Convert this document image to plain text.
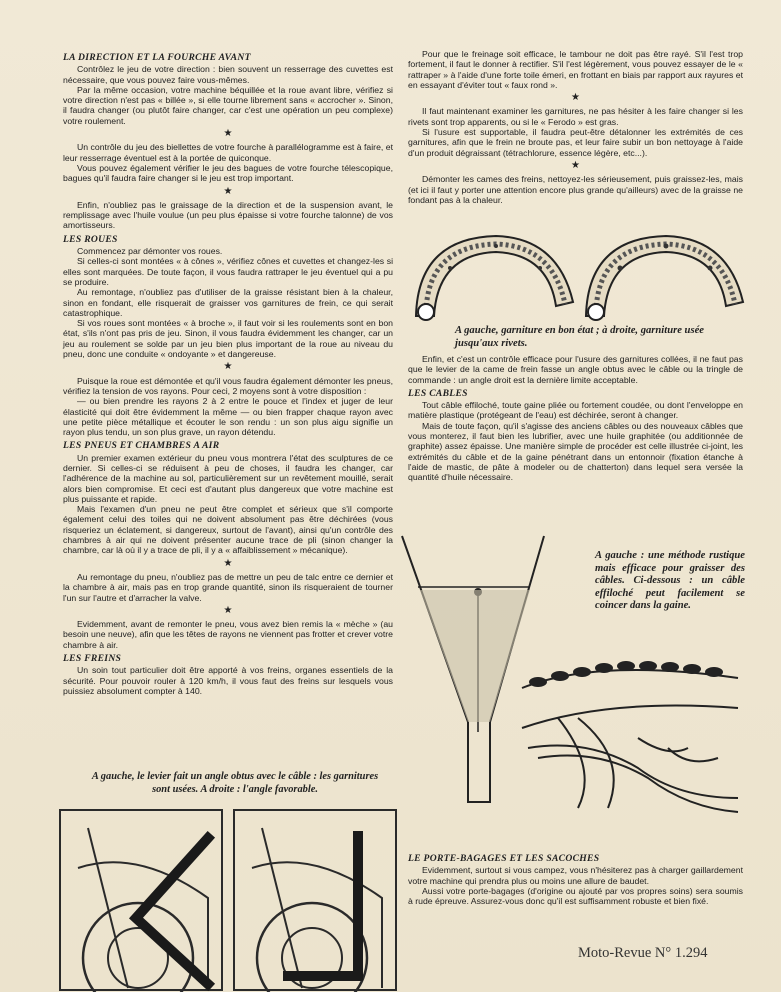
LA DIRECTION ET LA FOURCHE AVANT

Contrôlez le jeu de votre direction : bien souvent un resserrage des cuvettes est nécessaire, que vous pouvez faire vous-mêmes.

Par la même occasion, votre machine béquillée et la roue avant libre, vérifiez si votre direction n'est pas « billée », si elle tourne librement sans « accrocher ». Sinon, il faudra changer (ou plutôt faire changer, car c'est une opération un peu complexe) votre roulement.

★

Un contrôle du jeu des biellettes de votre fourche à parallélogramme est à faire, et leur resserrage éventuel est à la portée de quiconque.

Vous pouvez également vérifier le jeu des bagues de votre fourche télescopique, bagues qu'il faudra faire changer si le jeu est trop important.

★

Enfin, n'oubliez pas le graissage de la direction et de la suspension avant, le remplissage avec l'huile voulue (un peu plus épaisse si votre fourche talonne) de vos amortisseurs.

LES ROUES

Commencez par démonter vos roues.

Si celles-ci sont montées « à cônes », vérifiez cônes et cuvettes et changez-les si elles sont marquées. De toute façon, il vous faudra rattraper le jeu éventuel qui a pu se produire.

Au remontage, n'oubliez pas d'utiliser de la graisse résistant bien à la chaleur, sinon en fondant, elle risquerait de graisser vos garnitures de frein, ce qui serait catastrophique.

Si vos roues sont montées « à broche », il faut voir si les roulements sont en bon état, s'ils n'ont pas pris de jeu. Sinon, il vous faudra évidemment les changer, car un jeu au roulement se solde par un jeu bien plus important de la roue au niveau du pneu, donc une conduite « ondoyante » et dangereuse.

★

Puisque la roue est démontée et qu'il vous faudra également démonter les pneus, vérifiez la tension de vos rayons. Pour ceci, 2 moyens sont à votre disposition :

— ou bien prendre les rayons 2 à 2 entre le pouce et l'index et juger de leur élasticité qui doit être évidemment la même — ou bien frapper chaque rayon avec une petite pièce métallique et écouter le son rendu : un son plus aigu signifie un rayon plus tendu, un son plus grave, un rayon détendu.

LES PNEUS ET CHAMBRES A AIR

Un premier examen extérieur du pneu vous montrera l'état des sculptures de ce dernier. Si celles-ci se réduisent à peu de choses, il faudra les changer, car l'adhérence de la machine au sol, particulièrement sur un revêtement mouillé, serait alors bien compromise. Et ceci est d'autant plus dangereux que votre machine est plus puissante et rapide.

Mais l'examen d'un pneu ne peut être complet et sérieux que s'il comporte également celui des toiles qui ne doivent absolument pas être déchirées (vous risqueriez un éclatement, si dangereux, surtout de l'avant), ainsi qu'un contrôle des chambres à air qui ne doivent présenter aucune trace de pli (sinon changer la chambre, car là où il y a trace de pli, il y a « affaiblissement » mécanique).

★

Au remontage du pneu, n'oubliez pas de mettre un peu de talc entre ce dernier et la chambre à air, mais pas en trop grande quantité, sinon ils risqueraient de tourner l'un sur l'autre et d'arracher la valve.

★

Evidemment, avant de remonter le pneu, vous avez bien remis la « mèche » (au besoin une neuve), afin que les têtes de rayons ne viennent pas frotter et crever votre chambre à air.

LES FREINS

Un soin tout particulier doit être apporté à vos freins, organes essentiels de la sécurité. Pour pouvoir rouler à 120 km/h, il vous faut des freins sur lesquels vous puissiez absolument compter à 140.

A gauche, le levier fait un angle obtus avec le câble : les garnitures sont usées. A droite : l'angle favorable.

Pour que le freinage soit efficace, le tambour ne doit pas être rayé. S'il l'est trop fortement, il faut le donner à rectifier. S'il l'est légèrement, vous pouvez essayer de le « rattraper » à l'aide d'une forte toile émeri, en frottant en biais par rapport aux rayures et en essayant d'éviter tout « faux rond ».

★

Il faut maintenant examiner les garnitures, ne pas hésiter à les faire changer si les rivets sont trop apparents, ou si le « Ferodo » est gras.

Si l'usure est supportable, il faudra peut-être détalonner les extrémités de ces garnitures, afin que le frein ne broute pas, et leur faire subir un bon nettoyage à l'aide d'un produit dégraissant (tétrachlorure, essence légère, etc...).

★

Démonter les cames des freins, nettoyez-les sérieusement, puis graissez-les, mais (et ici il faut y porter une attention encore plus grande qu'ailleurs) avec de la graisse ne fondant pas à la chaleur.

A gauche, garniture en bon état ; à droite, garniture usée jusqu'aux rivets.

Enfin, et c'est un contrôle efficace pour l'usure des garnitures collées, il ne faut pas que le levier de la came de frein fasse un angle obtus avec le câble ou la tringle de commande : un angle droit est la dernière limite acceptable.

LES CABLES

Tout câble effiloché, toute gaine pliée ou fortement coudée, ou dont l'enveloppe en matière plastique (protégeant de l'eau) est déchirée, seront à changer.

Mais de toute façon, qu'il s'agisse des anciens câbles ou des nouveaux câbles que vous monterez, il faut bien les lubrifier, avec une huile graphitée (ou additionnée de graphite) assez épaisse. Une manière simple de procéder est celle illustrée ci-joint, les extrémités du câble et de la gaine pénétrant dans un entonnoir (fixation étanche à l'aide de mastic, de pâte à modeler ou de chatterton) dans lequel sera versée la quantité d'huile nécessaire.

A gauche : une méthode rustique mais efficace pour graisser des câbles. Ci-dessous : un câble effiloché peut facilement se coincer dans la gaine.
LE PORTE-BAGAGES ET LES SACOCHES

Evidemment, surtout si vous campez, vous n'hésiterez pas à charger gaillardement votre machine qui prendra plus ou moins une allure de baudet.

Aussi votre porte-bagages (d'origine ou ajouté par vos propres soins) sera soumis à rude épreuve. Assurez-vous donc qu'il est suffisamment robuste et bien fixé.

Moto-Revue N° 1.294
